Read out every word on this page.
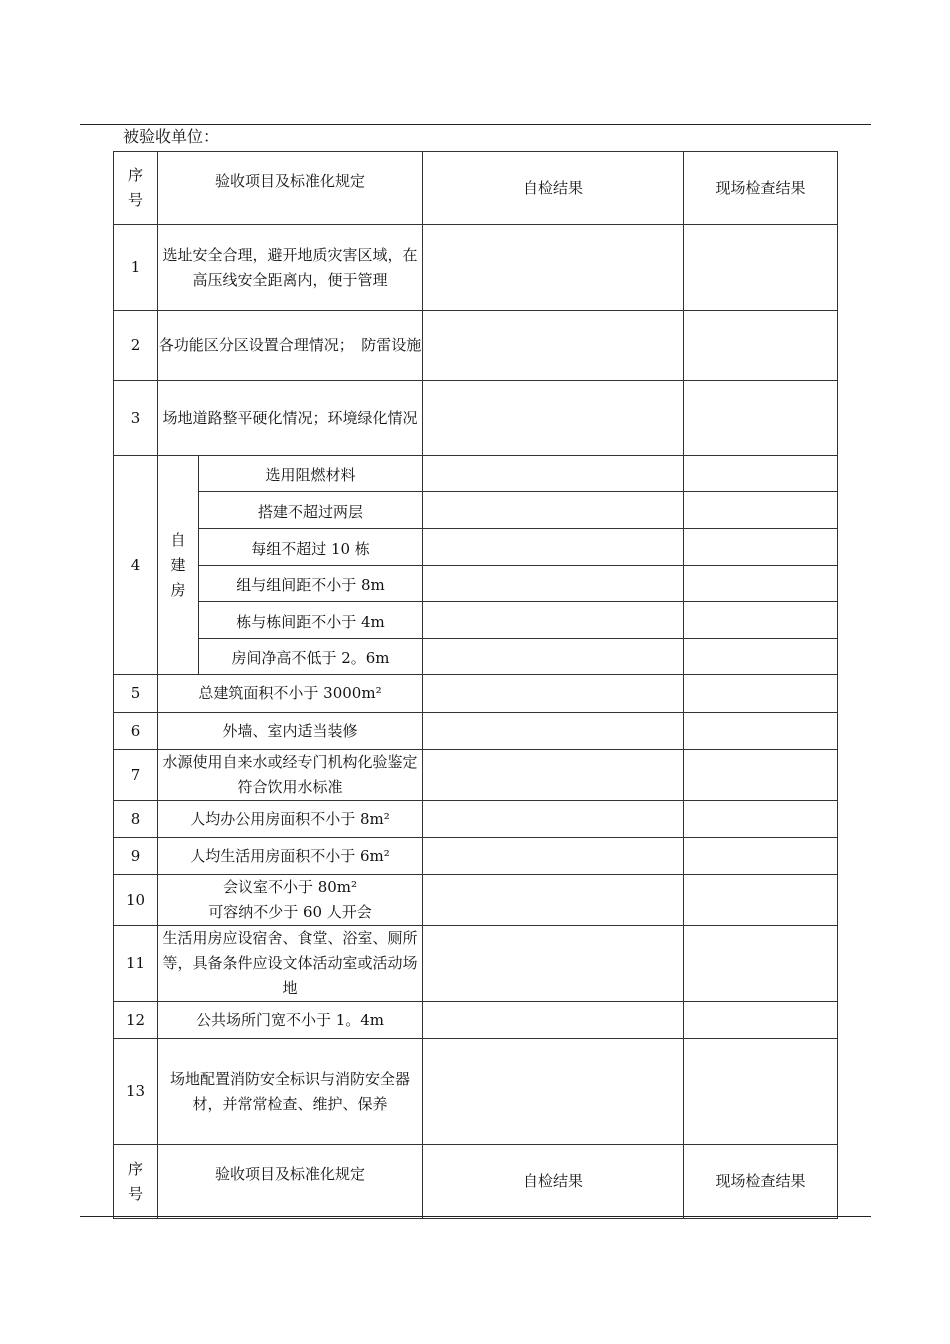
被验收单位：
序
号	验收项目及标准化规定		自检结果	现场检查结果
1	选址安全合理，避开地质灾害区域，在高压线安全距离内，便于管理			
2	各功能区分区设置合理情况；　防雷设施			
3	场地道路整平硬化情况；环境绿化情况			
4	自建房	选用阻燃材料		
		搭建不超过两层		
		每组不超过 10 栋		
		组与组间距不小于 8m		
		栋与栋间距不小于 4m		
		房间净高不低于 2。6m		
5	总建筑面积不小于 3000m²			
6	外墙、室内适当装修			
7	水源使用自来水或经专门机构化验鉴定符合饮用水标准			
8	人均办公用房面积不小于 8m²			
9	人均生活用房面积不小于 6m²			
10	会议室不小于 80m²
可容纳不少于 60 人开会			

11	生活用房应设宿舍、食堂、浴室、厕所等，具备条件应设文体活动室或活动场地			
12	公共场所门宽不小于 1。4m			
13	场地配置消防安全标识与消防安全器材，并常常检查、维护、保养			

序
号	验收项目及标准化规定		自检结果	现场检查结果
